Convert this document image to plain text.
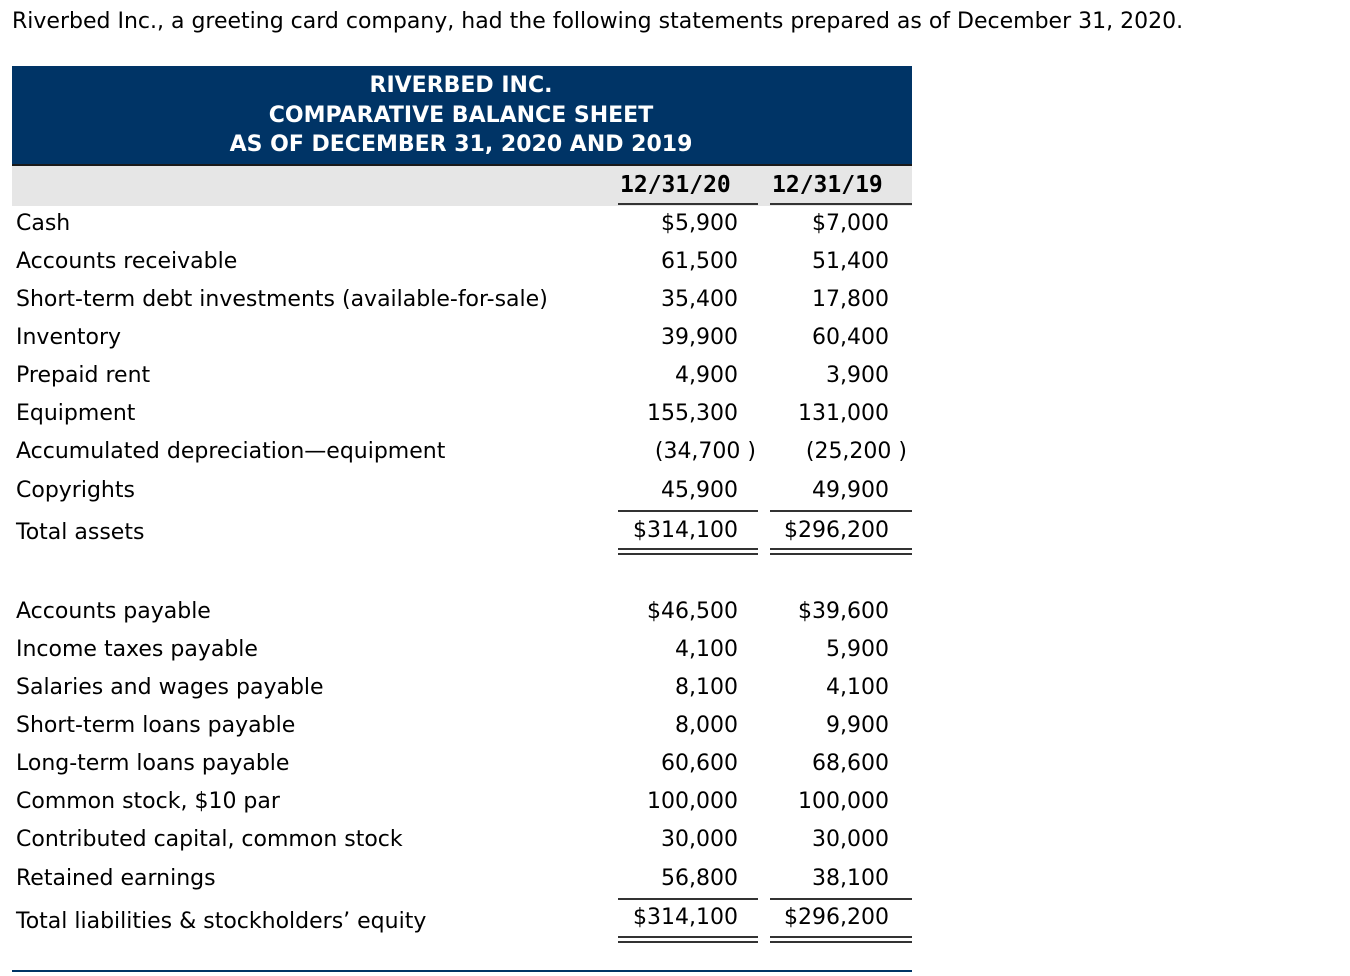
Riverbed Inc., a greeting card company, had the following statements prepared as of December 31, 2020.
RIVERBED INC.
COMPARATIVE BALANCE SHEET
AS OF DECEMBER 31, 2020 AND 2019
12/31/20 12/31/19
Cash	$5,900	$7,000
Accounts receivable	61,500	51,400
Short-term debt investments (available-for-sale)	35,400	17,800
Inventory	39,900	60,400
Prepaid rent	4,900	3,900
Equipment	155,300	131,000
Accumulated depreciation—equipment	(34,700 ) (25,200 )
Copyrights	45,900	49,900
Total assets	$314,100 $296,200
Accounts payable	$46,500	$39,600
Income taxes payable	4,100	5,900
Salaries and wages payable	8,100	4,100
Short-term loans payable	8,000	9,900
Long-term loans payable	60,600	68,600
Common stock, $10 par	100,000	100,000
Contributed capital, common stock	30,000	30,000
Retained earnings	56,800	38,100
Total liabilities & stockholders’ equity	$314,100 $296,200
